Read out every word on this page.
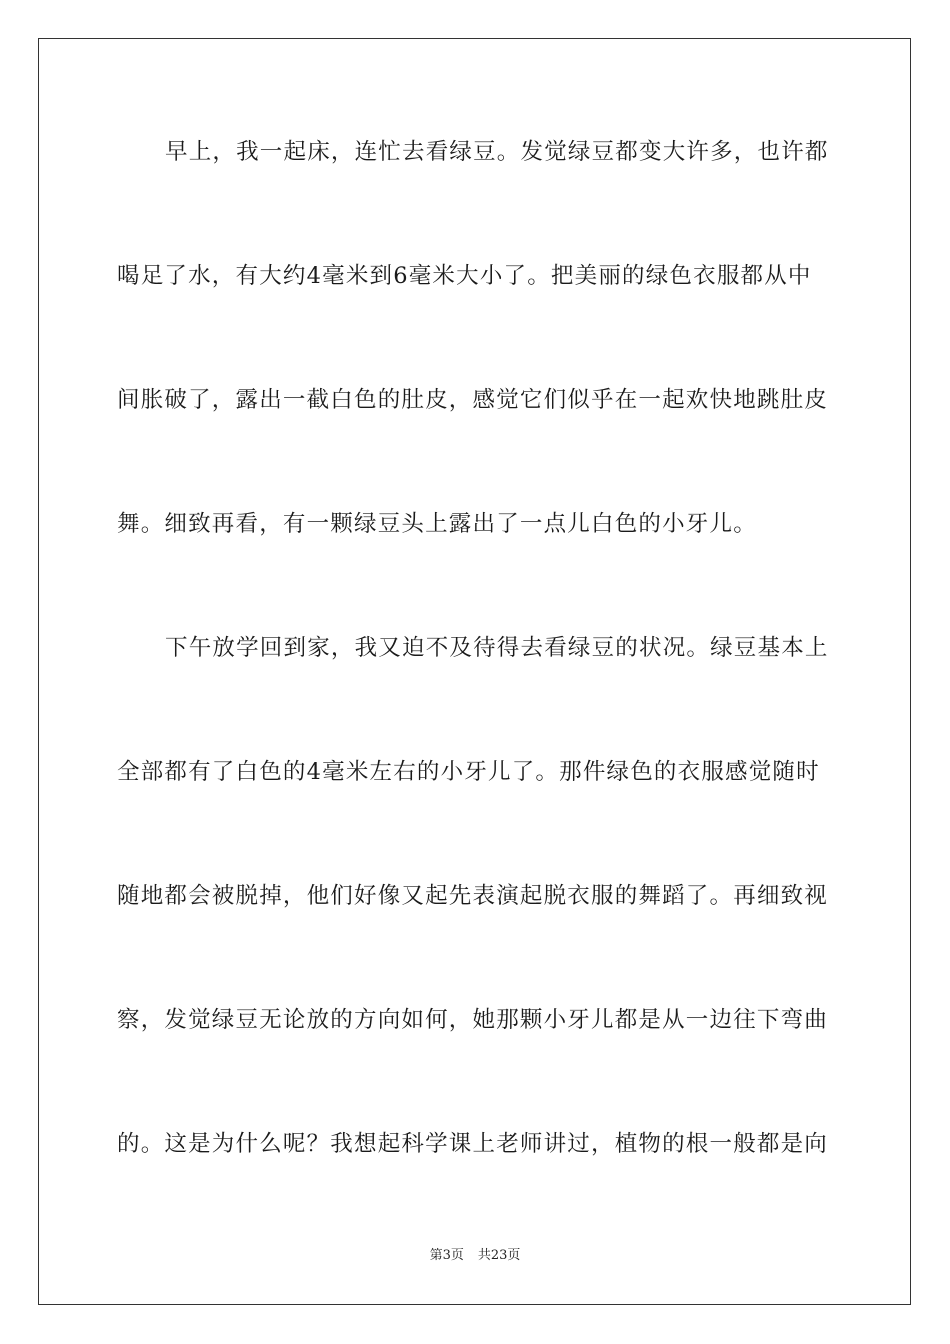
早上，我一起床，连忙去看绿豆。发觉绿豆都变大许多，也许都
喝足了水，有大约4毫米到6毫米大小了。把美丽的绿色衣服都从中
间胀破了，露出一截白色的肚皮，感觉它们似乎在一起欢快地跳肚皮
舞。细致再看，有一颗绿豆头上露出了一点儿白色的小牙儿。
下午放学回到家，我又迫不及待得去看绿豆的状况。绿豆基本上
全部都有了白色的4毫米左右的小牙儿了。那件绿色的衣服感觉随时
随地都会被脱掉，他们好像又起先表演起脱衣服的舞蹈了。再细致视
察，发觉绿豆无论放的方向如何，她那颗小牙儿都是从一边往下弯曲
的。这是为什么呢？我想起科学课上老师讲过，植物的根一般都是向
第3页 共23页
